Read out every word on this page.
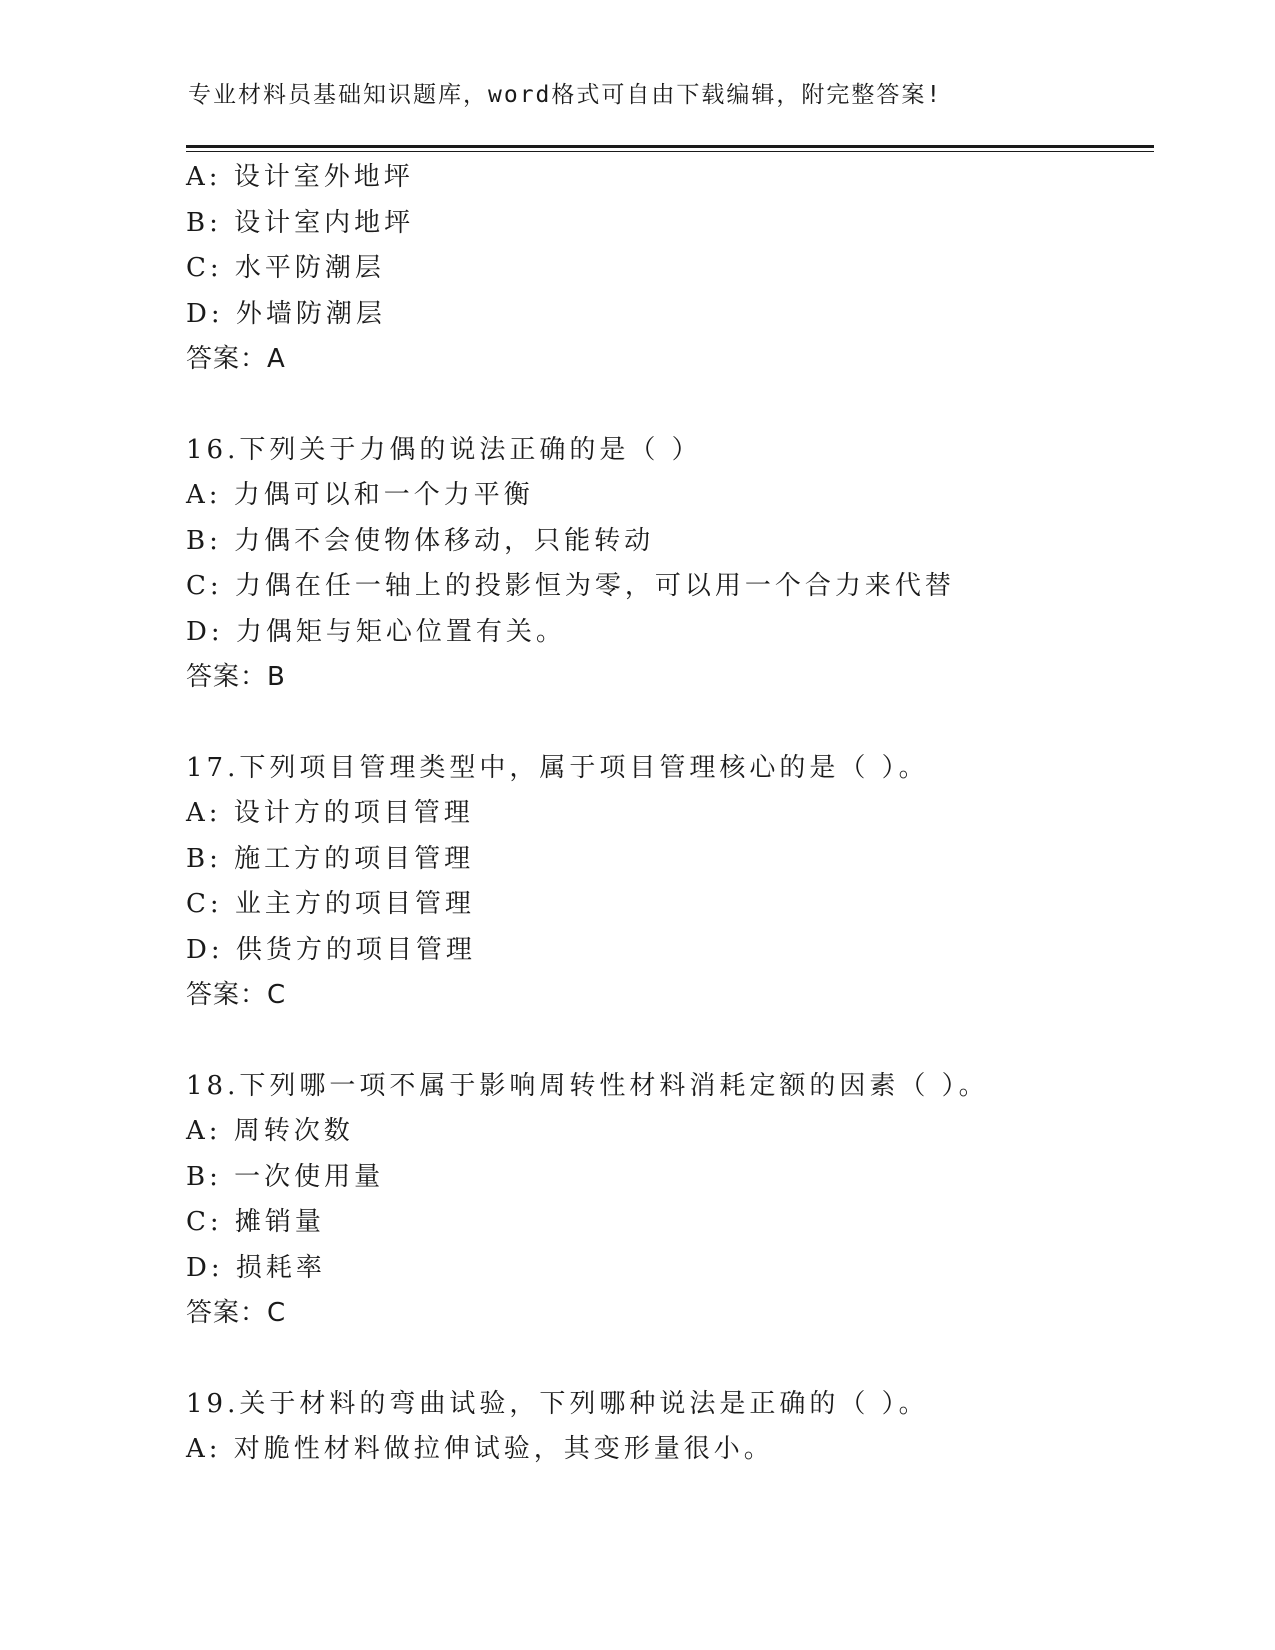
专业材料员基础知识题库，word格式可自由下载编辑，附完整答案!
A: 设计室外地坪
B: 设计室内地坪
C: 水平防潮层
D: 外墙防潮层
答案：A
16.下列关于力偶的说法正确的是（ ）
A: 力偶可以和一个力平衡
B: 力偶不会使物体移动，只能转动
C: 力偶在任一轴上的投影恒为零，可以用一个合力来代替
D: 力偶矩与矩心位置有关。
答案：B
17.下列项目管理类型中，属于项目管理核心的是（ ）。
A: 设计方的项目管理
B: 施工方的项目管理
C: 业主方的项目管理
D: 供货方的项目管理
答案：C
18.下列哪一项不属于影响周转性材料消耗定额的因素（ ）。
A: 周转次数
B: 一次使用量
C: 摊销量
D: 损耗率
答案：C
19.关于材料的弯曲试验，下列哪种说法是正确的（ ）。
A: 对脆性材料做拉伸试验，其变形量很小。
